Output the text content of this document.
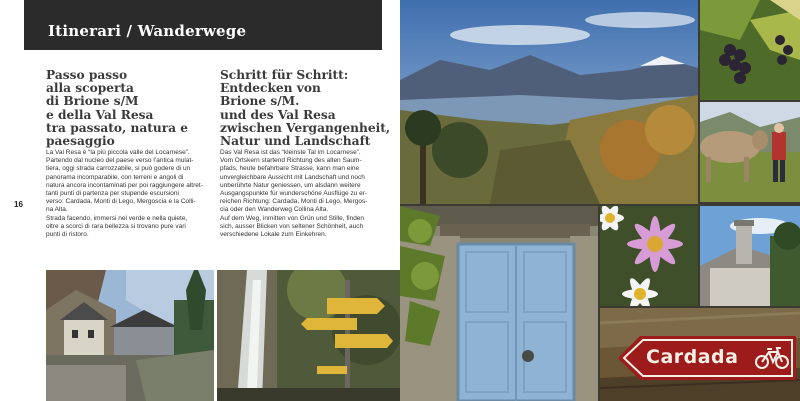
Itinerari / Wanderwege
Passo passo
alla scoperta
di Brione s/M
e della Val Resa
tra passato, natura e
paesaggio

La Val Resa è “la più piccola valle del Locarnese”.

Partendo dal nucleo del paese verso l’antica mulat-

tiera, oggi strada carrozzabile, si può godere di un

panorama incomparabile, con terreni e angoli di

natura ancora incontaminati per poi raggiungere altret-

tanti punti di partenza per stupende escursioni

verso: Cardada, Monti di Lego, Mergoscia e la Colli-

na Alta.

Strada facendo, immersi nel verde e nella quiete,

oltre a scorci di rara bellezza si trovano pure vari

punti di ristoro.

Schritt für Schritt:
Entdecken von
Brione s/M.
und des Val Resa
zwischen Vergangenheit,
Natur und Landschaft

Das Val Resa ist das “kleinste Tal im Locarnese”.

Vom Ortskern startend Richtung des alten Saum-

pfads, heute befahrbare Strasse, kann man eine

unvergleichbare Aussicht mit Landschaft und noch

unberührte Natur geniessen, um alsdann weitere

Ausgangspunkte für wunderschöne Ausflüge zu er-

reichen Richtung: Cardada, Monti di Lego, Mergos-

cia oder den Wanderweg Collina Alta.

Auf dem Weg, inmitten von Grün und Stille, finden

sich, ausser Blicken von seltener Schönheit, auch

verschiedene Lokale zum Einkehren.

16
Cardada
